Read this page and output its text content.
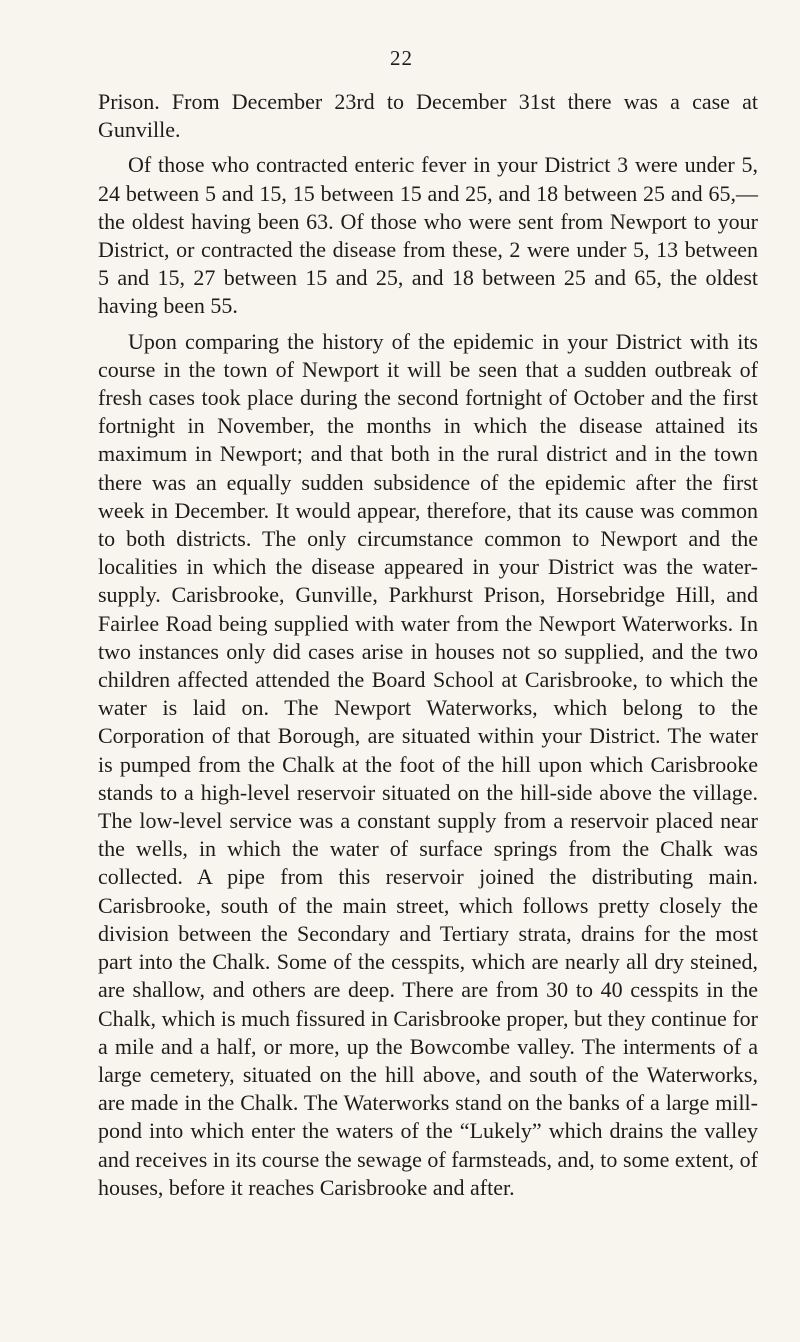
22

Prison. From December 23rd to December 31st there was a case at Gunville.

Of those who contracted enteric fever in your District 3 were under 5, 24 between 5 and 15, 15 between 15 and 25, and 18 between 25 and 65,—the oldest having been 63. Of those who were sent from Newport to your District, or contracted the disease from these, 2 were under 5, 13 between 5 and 15, 27 between 15 and 25, and 18 between 25 and 65, the oldest having been 55.

Upon comparing the history of the epidemic in your District with its course in the town of Newport it will be seen that a sudden outbreak of fresh cases took place during the second fortnight of October and the first fortnight in November, the months in which the disease attained its maximum in Newport; and that both in the rural district and in the town there was an equally sudden subsidence of the epidemic after the first week in December. It would appear, therefore, that its cause was common to both districts. The only circumstance common to Newport and the localities in which the disease appeared in your District was the water-supply. Carisbrooke, Gunville, Parkhurst Prison, Horsebridge Hill, and Fairlee Road being supplied with water from the Newport Waterworks. In two instances only did cases arise in houses not so supplied, and the two children affected attended the Board School at Carisbrooke, to which the water is laid on. The Newport Waterworks, which belong to the Corporation of that Borough, are situated within your District. The water is pumped from the Chalk at the foot of the hill upon which Carisbrooke stands to a high-level reservoir situated on the hill-side above the village. The low-level service was a constant supply from a reservoir placed near the wells, in which the water of surface springs from the Chalk was collected. A pipe from this reservoir joined the distributing main. Carisbrooke, south of the main street, which follows pretty closely the division between the Secondary and Tertiary strata, drains for the most part into the Chalk. Some of the cesspits, which are nearly all dry steined, are shallow, and others are deep. There are from 30 to 40 cesspits in the Chalk, which is much fissured in Carisbrooke proper, but they continue for a mile and a half, or more, up the Bowcombe valley. The interments of a large cemetery, situated on the hill above, and south of the Waterworks, are made in the Chalk. The Waterworks stand on the banks of a large mill-pond into which enter the waters of the “Lukely” which drains the valley and receives in its course the sewage of farmsteads, and, to some extent, of houses, before it reaches Carisbrooke and after.
